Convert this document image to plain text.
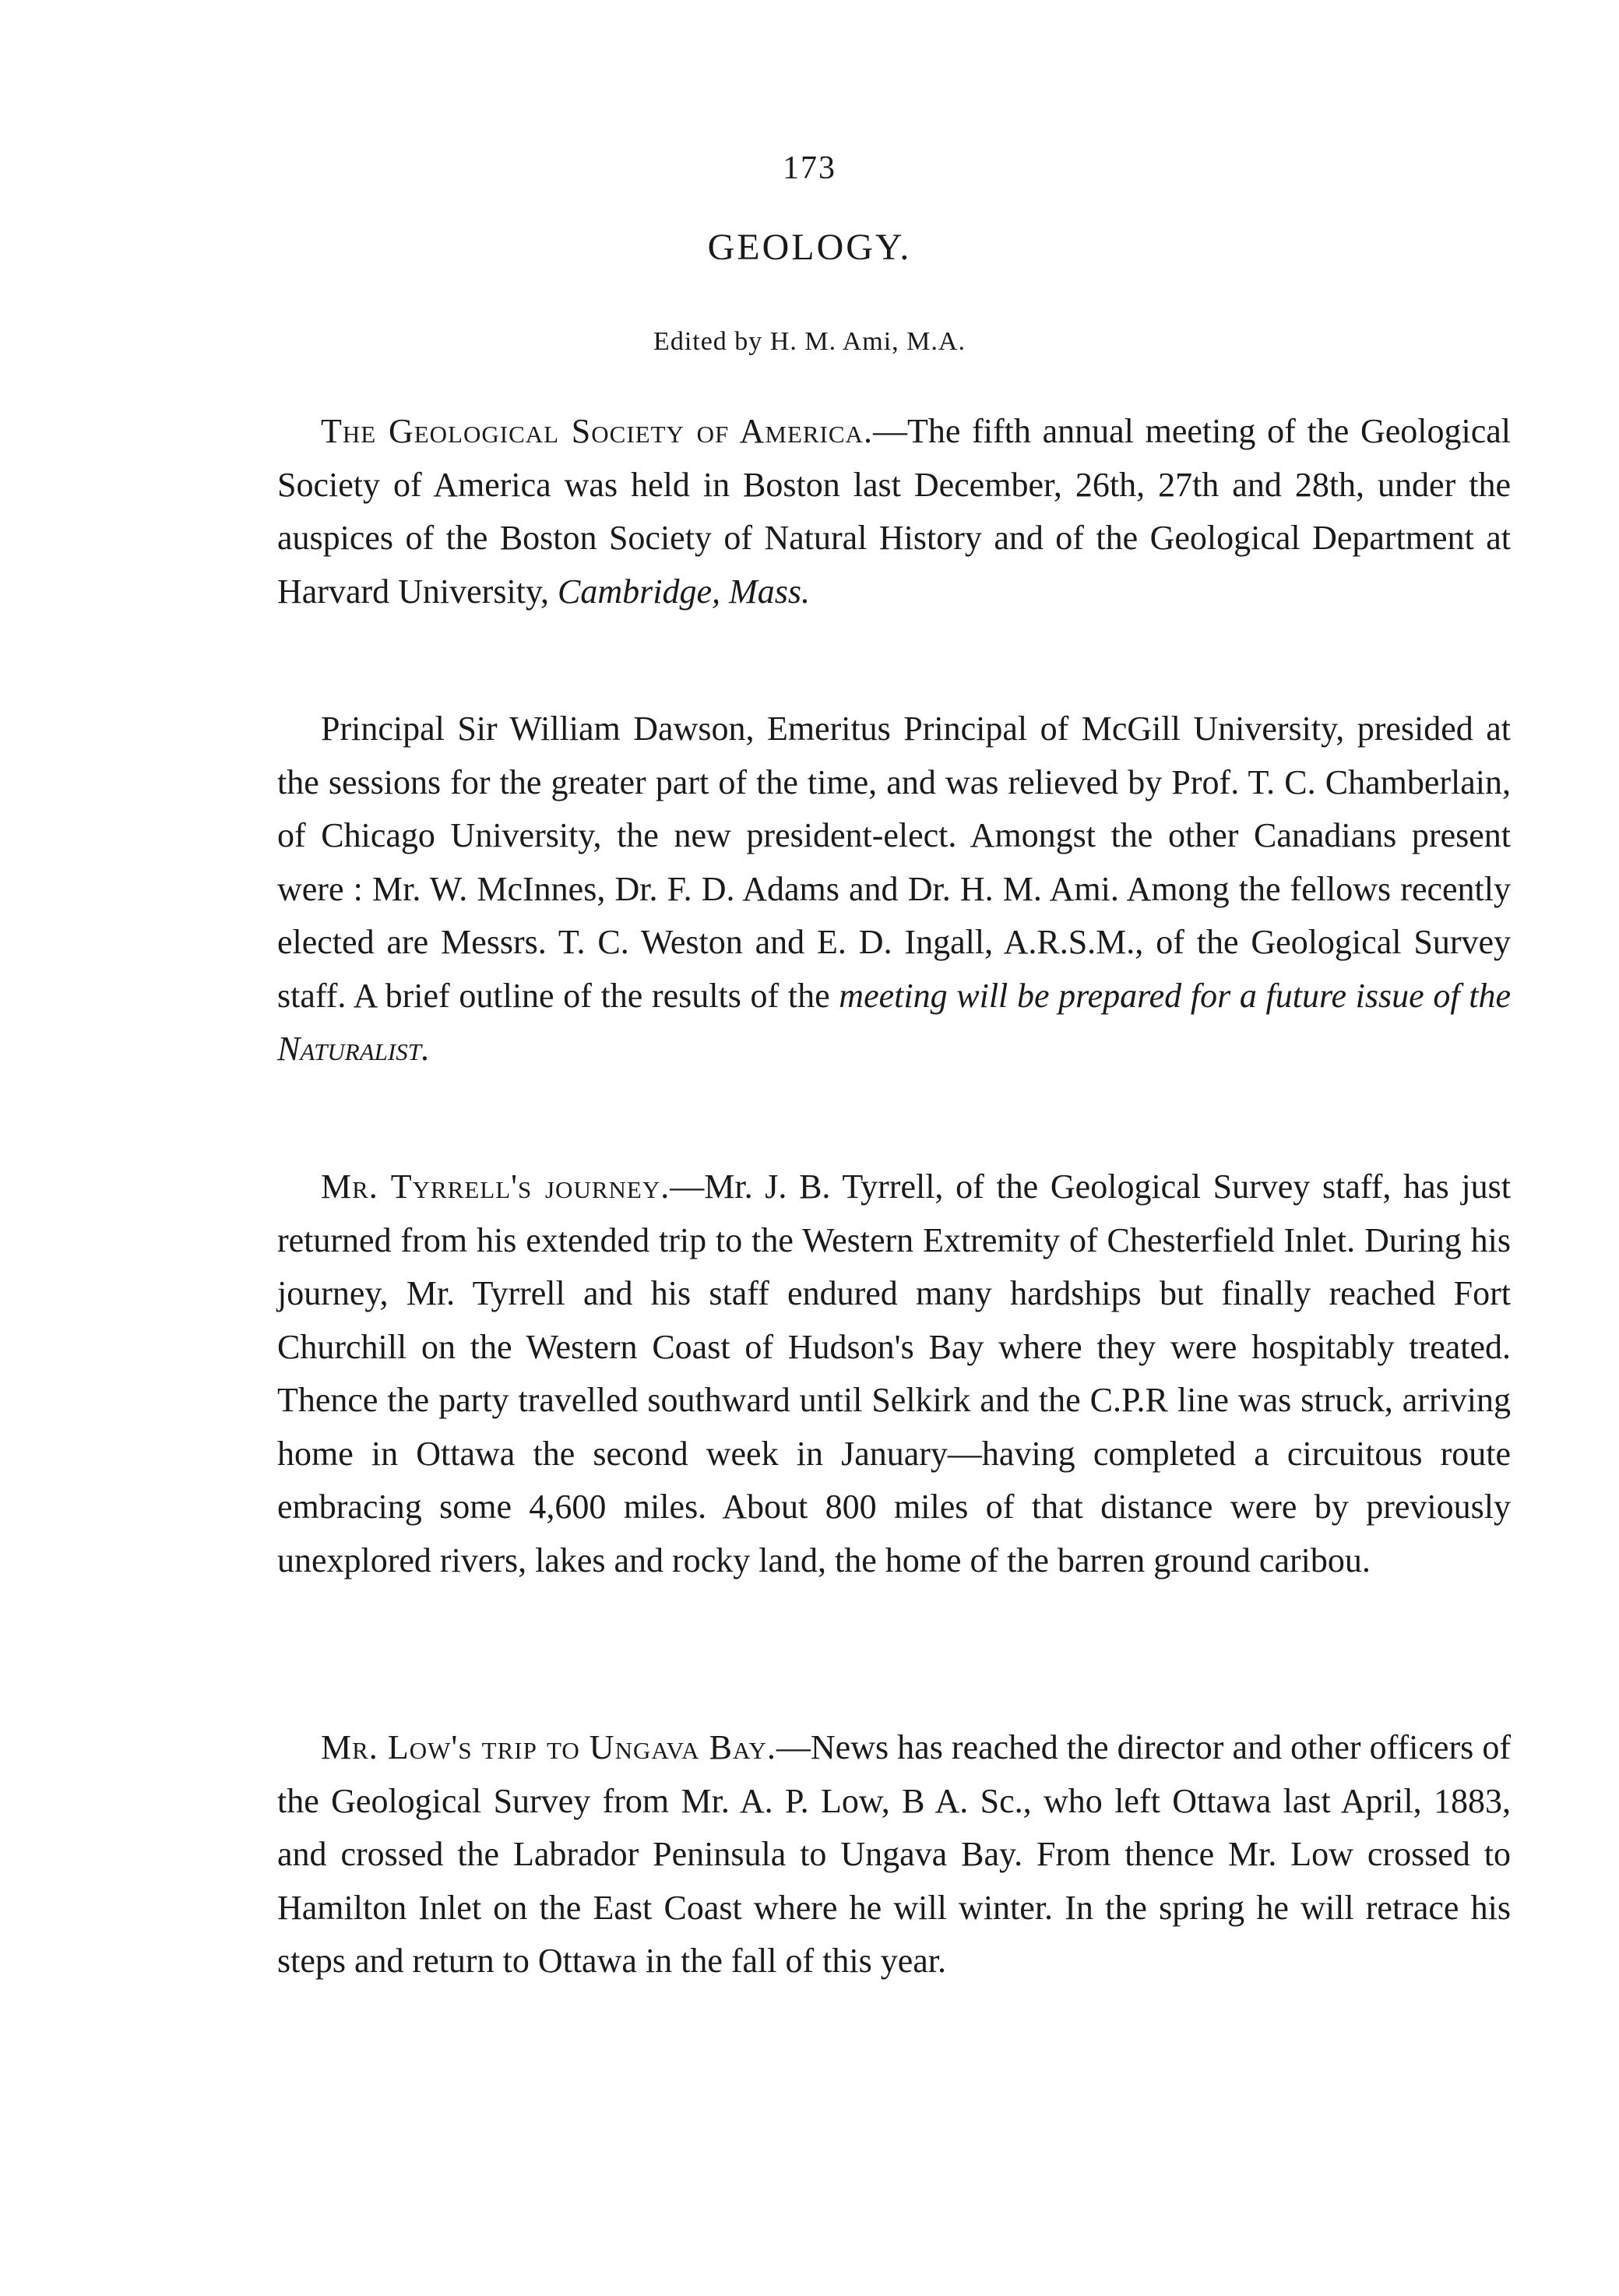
173
GEOLOGY.
Edited by H. M. Ami, M.A.

The Geological Society of America.—The fifth annual meeting of the Geological Society of America was held in Boston last December, 26th, 27th and 28th, under the auspices of the Boston Society of Natural History and of the Geological Department at Harvard University, Cambridge, Mass.

Principal Sir William Dawson, Emeritus Principal of McGill University, presided at the sessions for the greater part of the time, and was relieved by Prof. T. C. Chamberlain, of Chicago University, the new president-elect. Amongst the other Canadians present were : Mr. W. McInnes, Dr. F. D. Adams and Dr. H. M. Ami. Among the fellows recently elected are Messrs. T. C. Weston and E. D. Ingall, A.R.S.M., of the Geological Survey staff. A brief outline of the results of the meeting will be prepared for a future issue of the Naturalist.

Mr. Tyrrell's journey.—Mr. J. B. Tyrrell, of the Geological Survey staff, has just returned from his extended trip to the Western Extremity of Chesterfield Inlet. During his journey, Mr. Tyrrell and his staff endured many hardships but finally reached Fort Churchill on the Western Coast of Hudson's Bay where they were hospitably treated. Thence the party travelled southward until Selkirk and the C.P.R line was struck, arriving home in Ottawa the second week in January—having completed a circuitous route embracing some 4,600 miles. About 800 miles of that distance were by previously unexplored rivers, lakes and rocky land, the home of the barren ground caribou.

Mr. Low's trip to Ungava Bay.—News has reached the director and other officers of the Geological Survey from Mr. A. P. Low, B A. Sc., who left Ottawa last April, 1883, and crossed the Labrador Peninsula to Ungava Bay. From thence Mr. Low crossed to Hamilton Inlet on the East Coast where he will winter. In the spring he will retrace his steps and return to Ottawa in the fall of this year.
